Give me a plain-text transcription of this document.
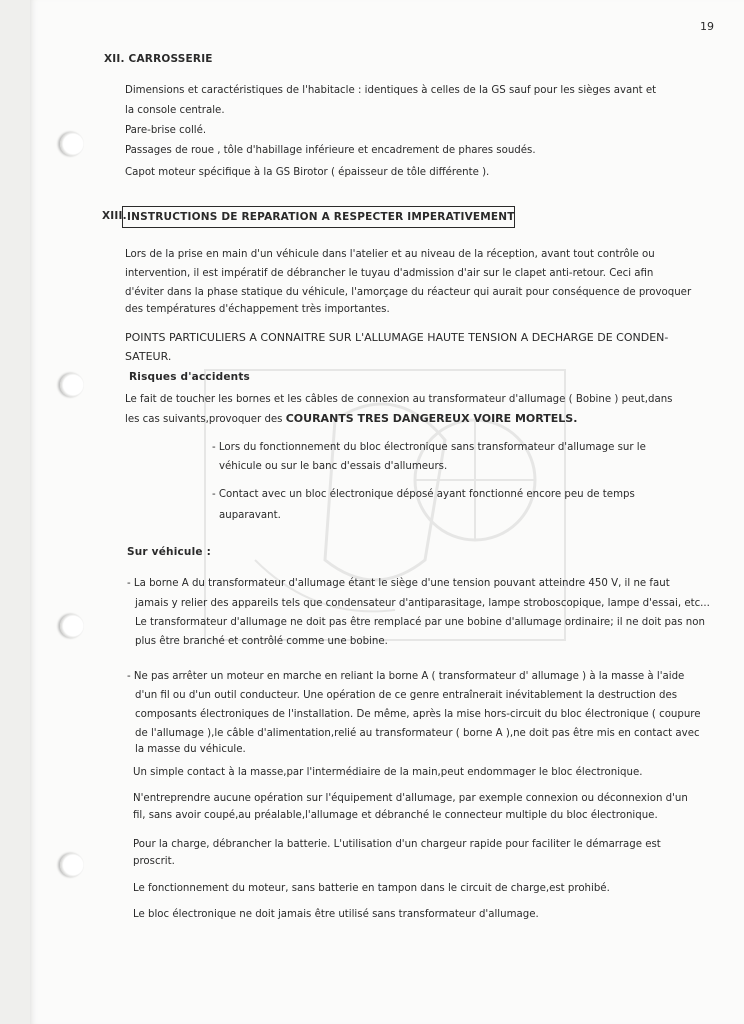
19
XII. CARROSSERIE
Dimensions et caractéristiques de l'habitacle : identiques à celles de la GS sauf pour les sièges avant et
la console centrale.
Pare-brise collé.
Passages de roue , tôle d'habillage inférieure et encadrement de phares soudés.
Capot moteur spécifique à la GS Birotor ( épaisseur de tôle différente ).
XIII. INSTRUCTIONS DE REPARATION A RESPECTER IMPERATIVEMENT
Lors de la prise en main d'un véhicule dans l'atelier et au niveau de la réception, avant tout contrôle ou
intervention, il est impératif de débrancher le tuyau d'admission d'air sur le clapet anti-retour. Ceci afin
d'éviter dans la phase statique du véhicule, l'amorçage du réacteur qui aurait pour conséquence de provoquer
des températures d'échappement très importantes.
POINTS PARTICULIERS A CONNAITRE SUR L'ALLUMAGE HAUTE TENSION A DECHARGE DE CONDEN-
SATEUR.
Risques d'accidents
Le fait de toucher les bornes et les câbles de connexion au transformateur d'allumage ( Bobine ) peut,dans
les cas suivants,provoquer des COURANTS TRES DANGEREUX VOIRE MORTELS.
- Lors du fonctionnement du bloc électronique sans transformateur d'allumage sur le
véhicule ou sur le banc d'essais d'allumeurs.
- Contact avec un bloc électronique déposé ayant fonctionné encore peu de temps
auparavant.
Sur véhicule :
- La borne A du transformateur d'allumage étant le siège d'une tension pouvant atteindre 450 V, il ne faut
jamais y relier des appareils tels que condensateur d'antiparasitage, lampe stroboscopique, lampe d'essai, etc...
Le transformateur d'allumage ne doit pas être remplacé par une bobine d'allumage ordinaire; il ne doit pas non
plus être branché et contrôlé comme une bobine.
- Ne pas arrêter un moteur en marche en reliant la borne A ( transformateur d' allumage ) à la masse à l'aide
d'un fil ou d'un outil conducteur. Une opération de ce genre entraînerait inévitablement la destruction des
composants électroniques de l'installation. De même, après la mise hors-circuit du bloc électronique ( coupure
de l'allumage ),le câble d'alimentation,relié au transformateur ( borne A ),ne doit pas être mis en contact avec
la masse du véhicule.
Un simple contact à la masse,par l'intermédiaire de la main,peut endommager le bloc électronique.
N'entreprendre aucune opération sur l'équipement d'allumage, par exemple connexion ou déconnexion d'un
fil, sans avoir coupé,au préalable,l'allumage et débranché le connecteur multiple du bloc électronique.
Pour la charge, débrancher la batterie. L'utilisation d'un chargeur rapide pour faciliter le démarrage est
proscrit.
Le fonctionnement du moteur, sans batterie en tampon dans le circuit de charge,est prohibé.
Le bloc électronique ne doit jamais être utilisé sans transformateur d'allumage.
